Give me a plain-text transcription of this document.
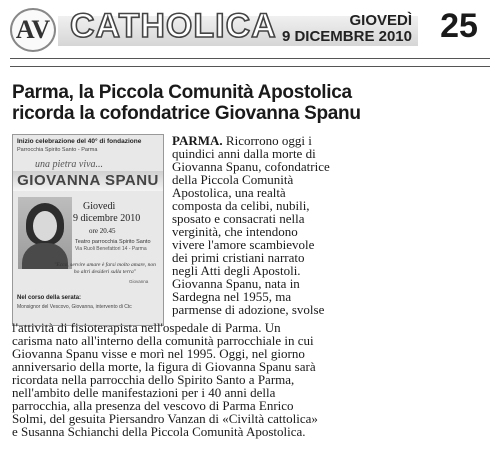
AV CATHOLICA	GIOVEDÌ
9 DICEMBRE 2010 25
Parma, la Piccola Comunità Apostolica
ricorda la cofondatrice Giovanna Spanu
Inizio celebrazione del 40° di fondazione
Parrocchia Spirito Santo - Parma
una pietra viva...
GIOVANNA SPANU
Giovedì
9 dicembre 2010
ore 20.45
Teatro parrocchia Spirito Santo
Via Ruoli Benefattori 14 - Parma
"Ecco, servire amare è farsi molto amare, non ho altri desideri sulla terra"
Giovanna
Nel corso della serata:
Monsignor del Vescovo, Giovanna, intervento di Ctc
PARMA. Ricorrono oggi i
quindici anni dalla morte di
Giovanna Spanu, cofondatrice
della Piccola Comunità
Apostolica, una realtà
composta da celibi, nubili,
sposato e consacrati nella
verginità, che intendono
vivere l'amore scambievole
dei primi cristiani narrato
negli Atti degli Apostoli.
Giovanna Spanu, nata in
Sardegna nel 1955, ma
parmense di adozione, svolse
l'attività di fisioterapista nell'ospedale di Parma. Un
carisma nato all'interno della comunità parrocchiale in cui
Giovanna Spanu visse e morì nel 1995. Oggi, nel giorno
anniversario della morte, la figura di Giovanna Spanu sarà
ricordata nella parrocchia dello Spirito Santo a Parma,
nell'ambito delle manifestazioni per i 40 anni della
parrocchia, alla presenza del vescovo di Parma Enrico
Solmi, del gesuita Piersandro Vanzan di «Civiltà cattolica»
e Susanna Schianchi della Piccola Comunità Apostolica.
